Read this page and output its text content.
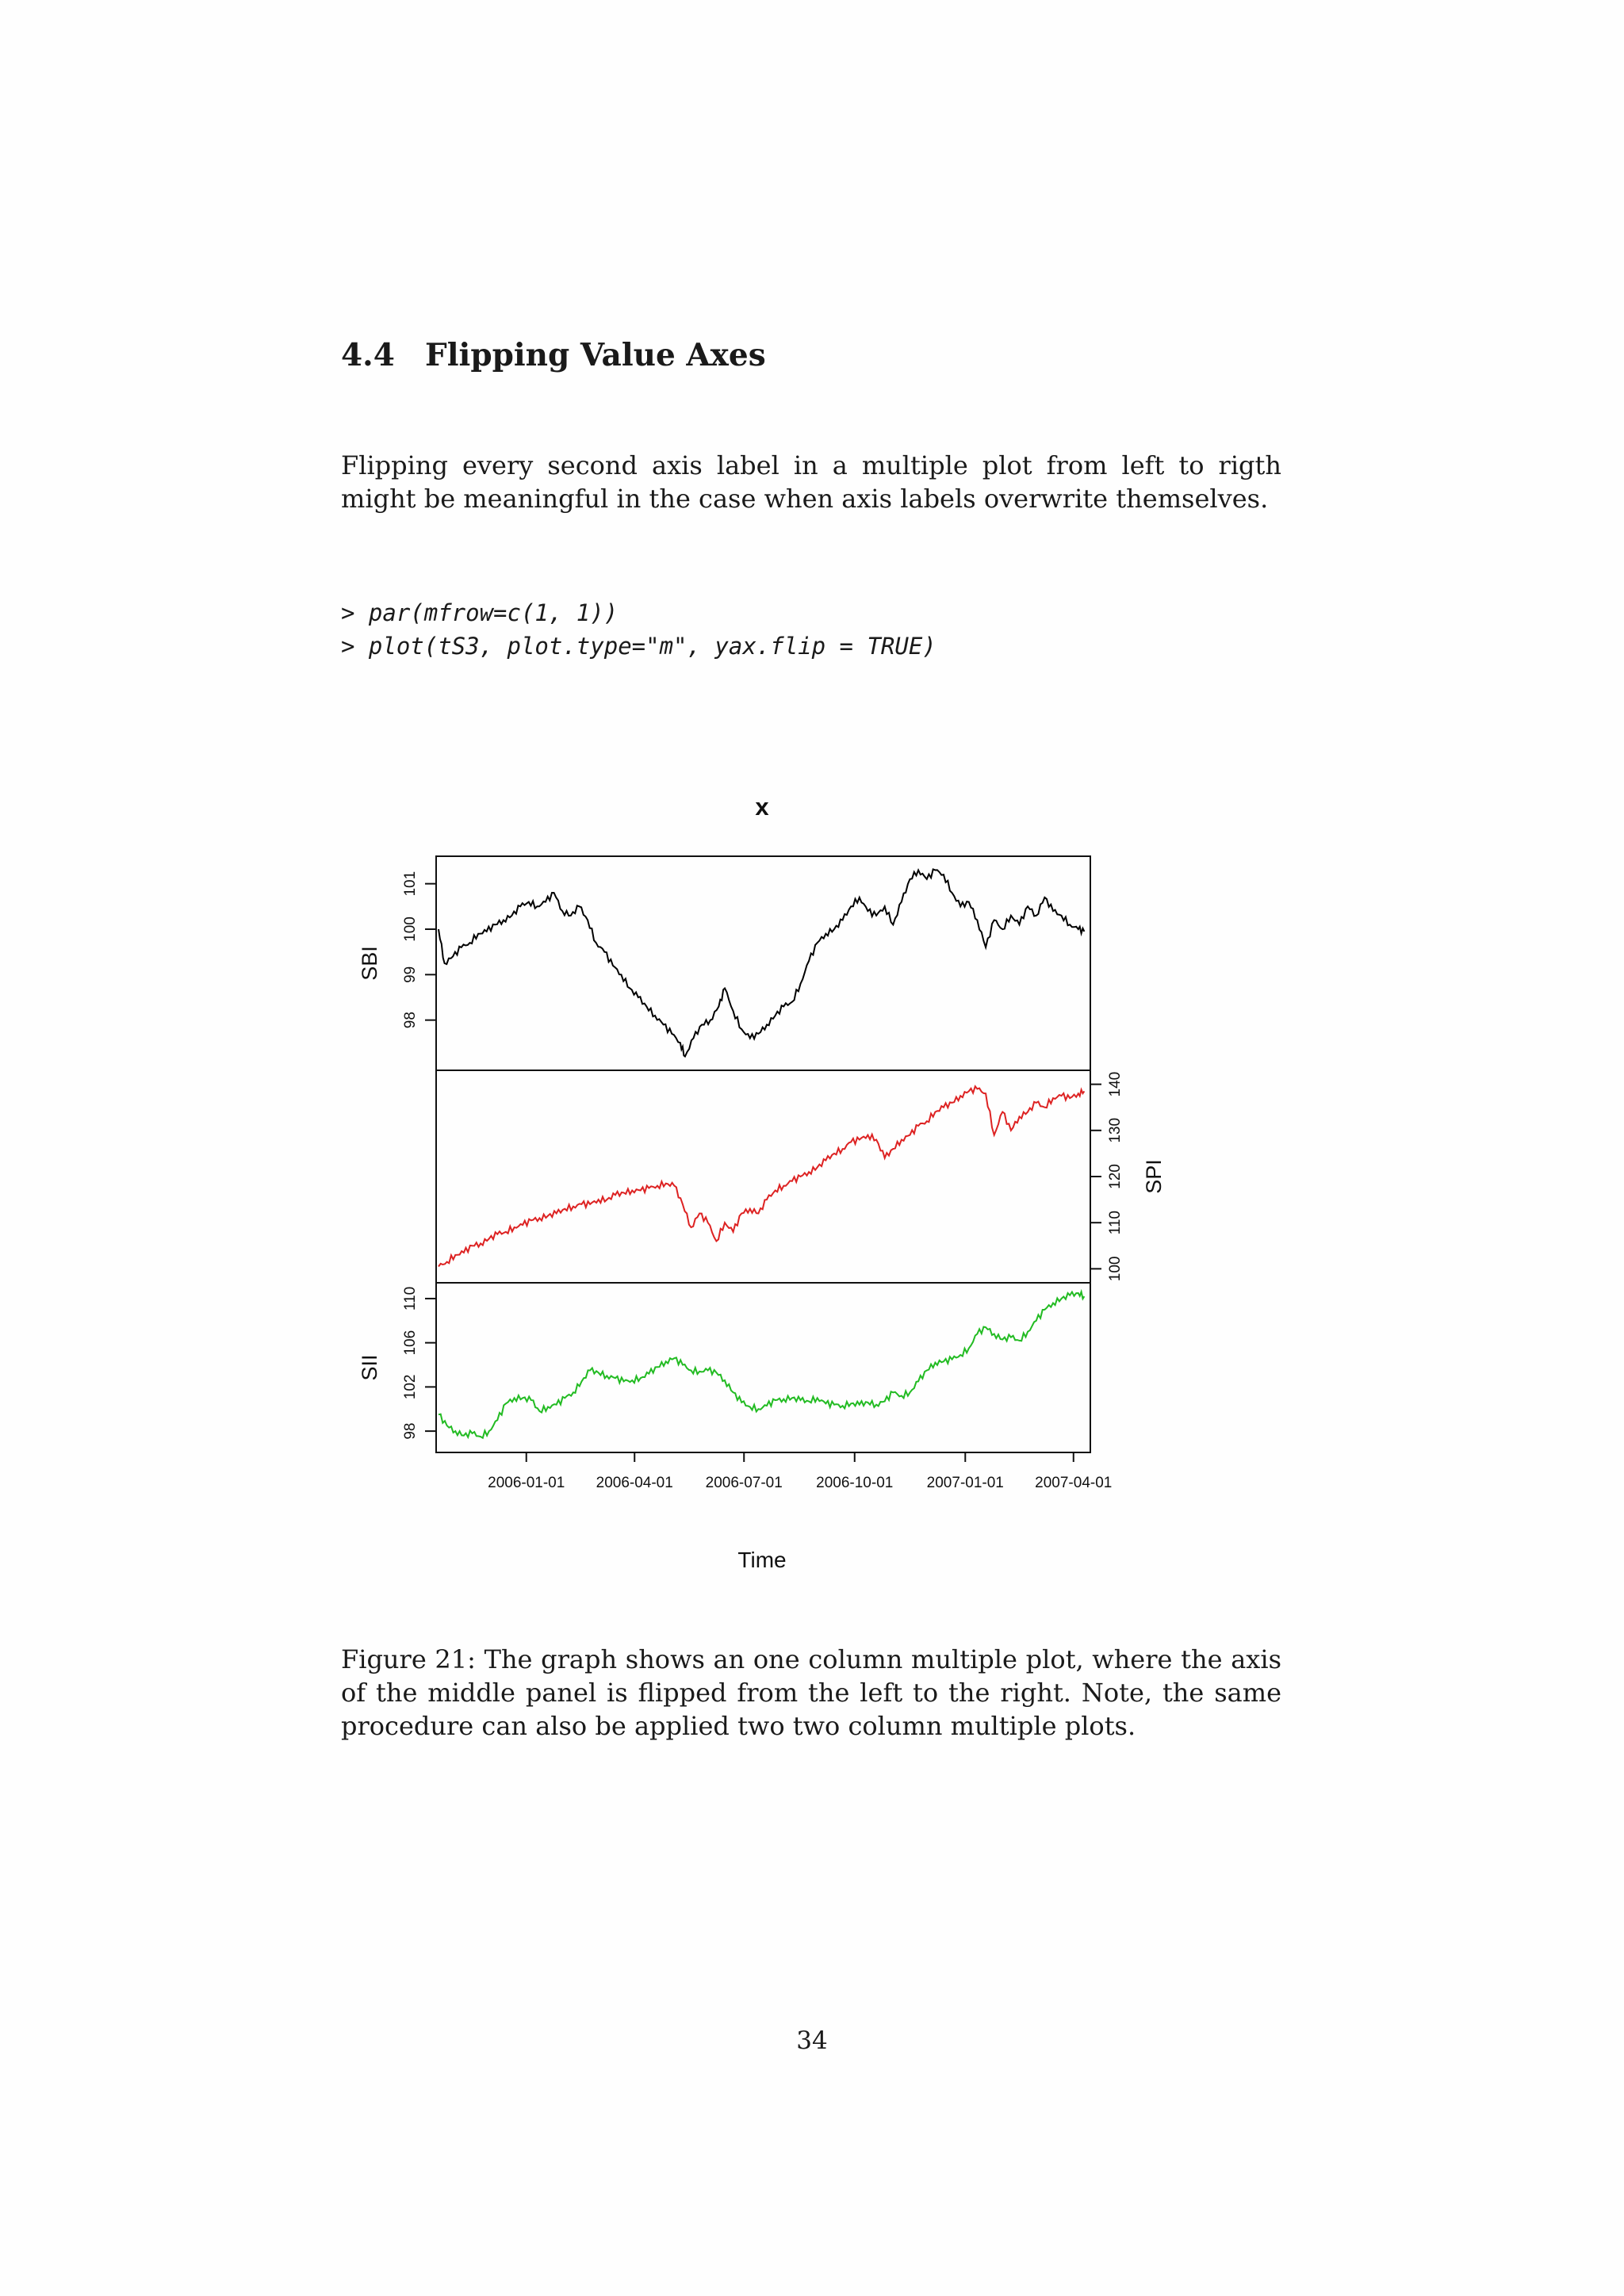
4.4 Flipping Value Axes
Flipping every second axis label in a multiple plot from left to rigth might be meaningful in the case when axis labels overwrite themselves.
> par(mfrow=c(1, 1))
> plot(tS3, plot.type="m", yax.flip = TRUE)
x
98
99
100
101
SBI
100
110
120
130
140
SPI
98
102
106
110
SII
2006-01-01 2006-04-01 2006-07-01 2006-10-01 2007-01-01 2007-04-01
Time
Figure 21: The graph shows an one column multiple plot, where the axis of the middle panel is flipped from the left to the right. Note, the same procedure can also be applied two two column multiple plots.
34
